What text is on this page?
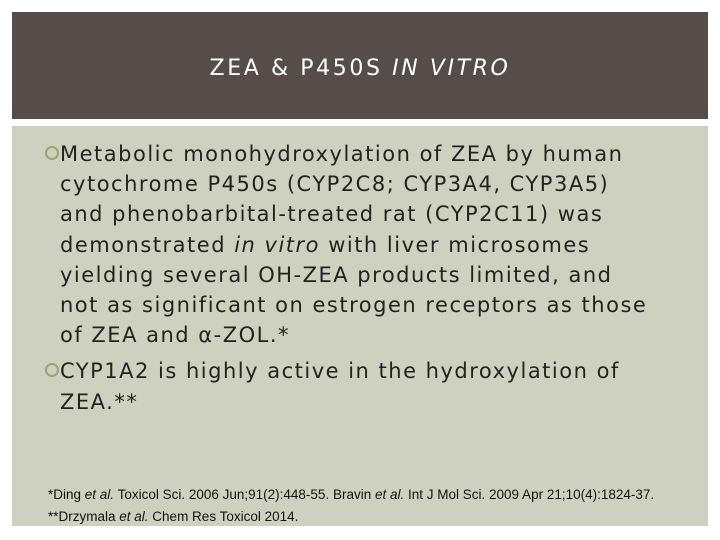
ZEA & P450S IN VITRO
Metabolic monohydroxylation of ZEA by human cytochrome P450s (CYP2C8; CYP3A4, CYP3A5) and phenobarbital-treated rat (CYP2C11) was demonstrated in vitro with liver microsomes yielding several OH-ZEA products limited, and not as significant on estrogen receptors as those of ZEA and α-ZOL.*
CYP1A2 is highly active in the hydroxylation of ZEA.**
*Ding et al. Toxicol Sci. 2006 Jun;91(2):448-55. Bravin et al. Int J Mol Sci. 2009 Apr 21;10(4):1824-37. **Drzymala et al. Chem Res Toxicol 2014.
